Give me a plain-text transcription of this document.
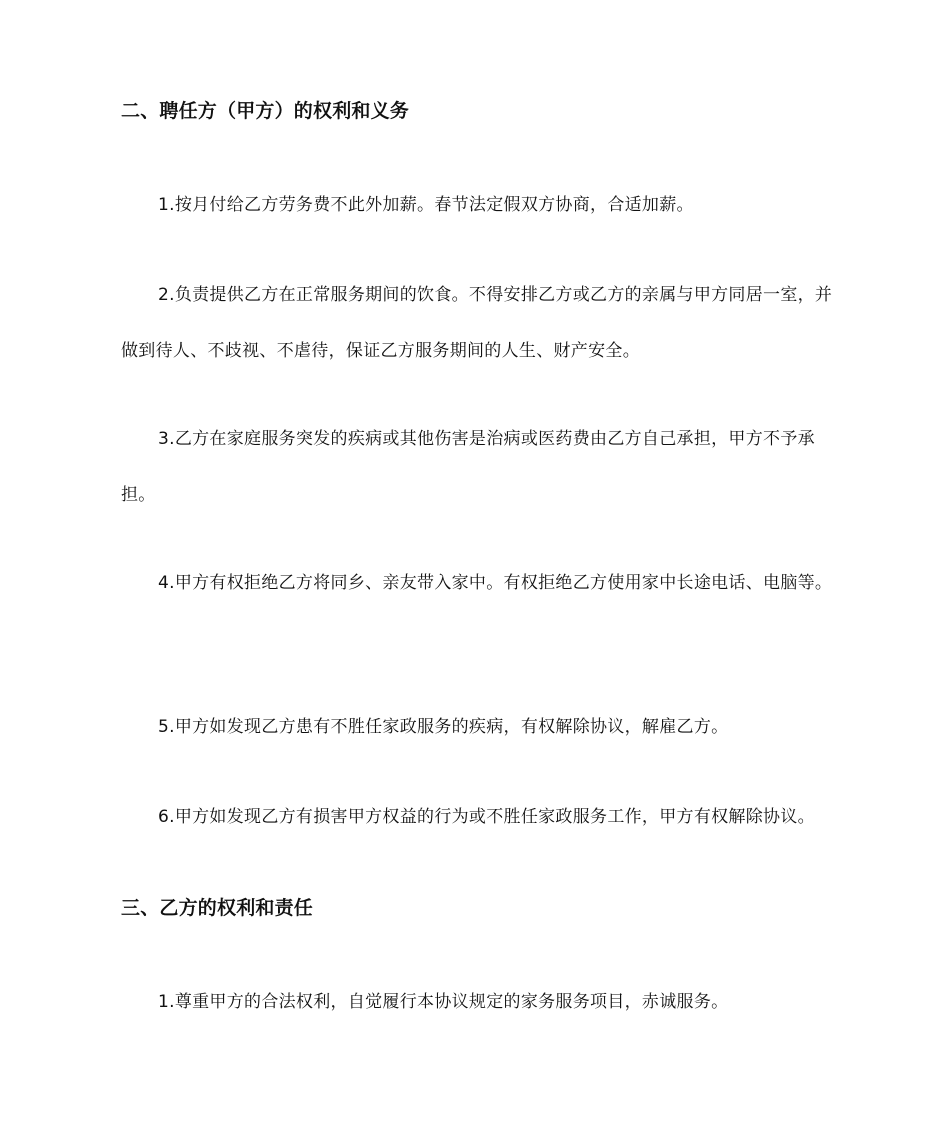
二、聘任方（甲方）的权利和义务
1.按月付给乙方劳务费不此外加薪。春节法定假双方协商，合适加薪。
2.负责提供乙方在正常服务期间的饮食。不得安排乙方或乙方的亲属与甲方同居一室，并做到待人、不歧视、不虐待，保证乙方服务期间的人生、财产安全。
3.乙方在家庭服务突发的疾病或其他伤害是治病或医药费由乙方自己承担，甲方不予承担。
4.甲方有权拒绝乙方将同乡、亲友带入家中。有权拒绝乙方使用家中长途电话、电脑等。
5.甲方如发现乙方患有不胜任家政服务的疾病，有权解除协议，解雇乙方。
6.甲方如发现乙方有损害甲方权益的行为或不胜任家政服务工作，甲方有权解除协议。
三、乙方的权利和责任
1.尊重甲方的合法权利，自觉履行本协议规定的家务服务项目，赤诚服务。
